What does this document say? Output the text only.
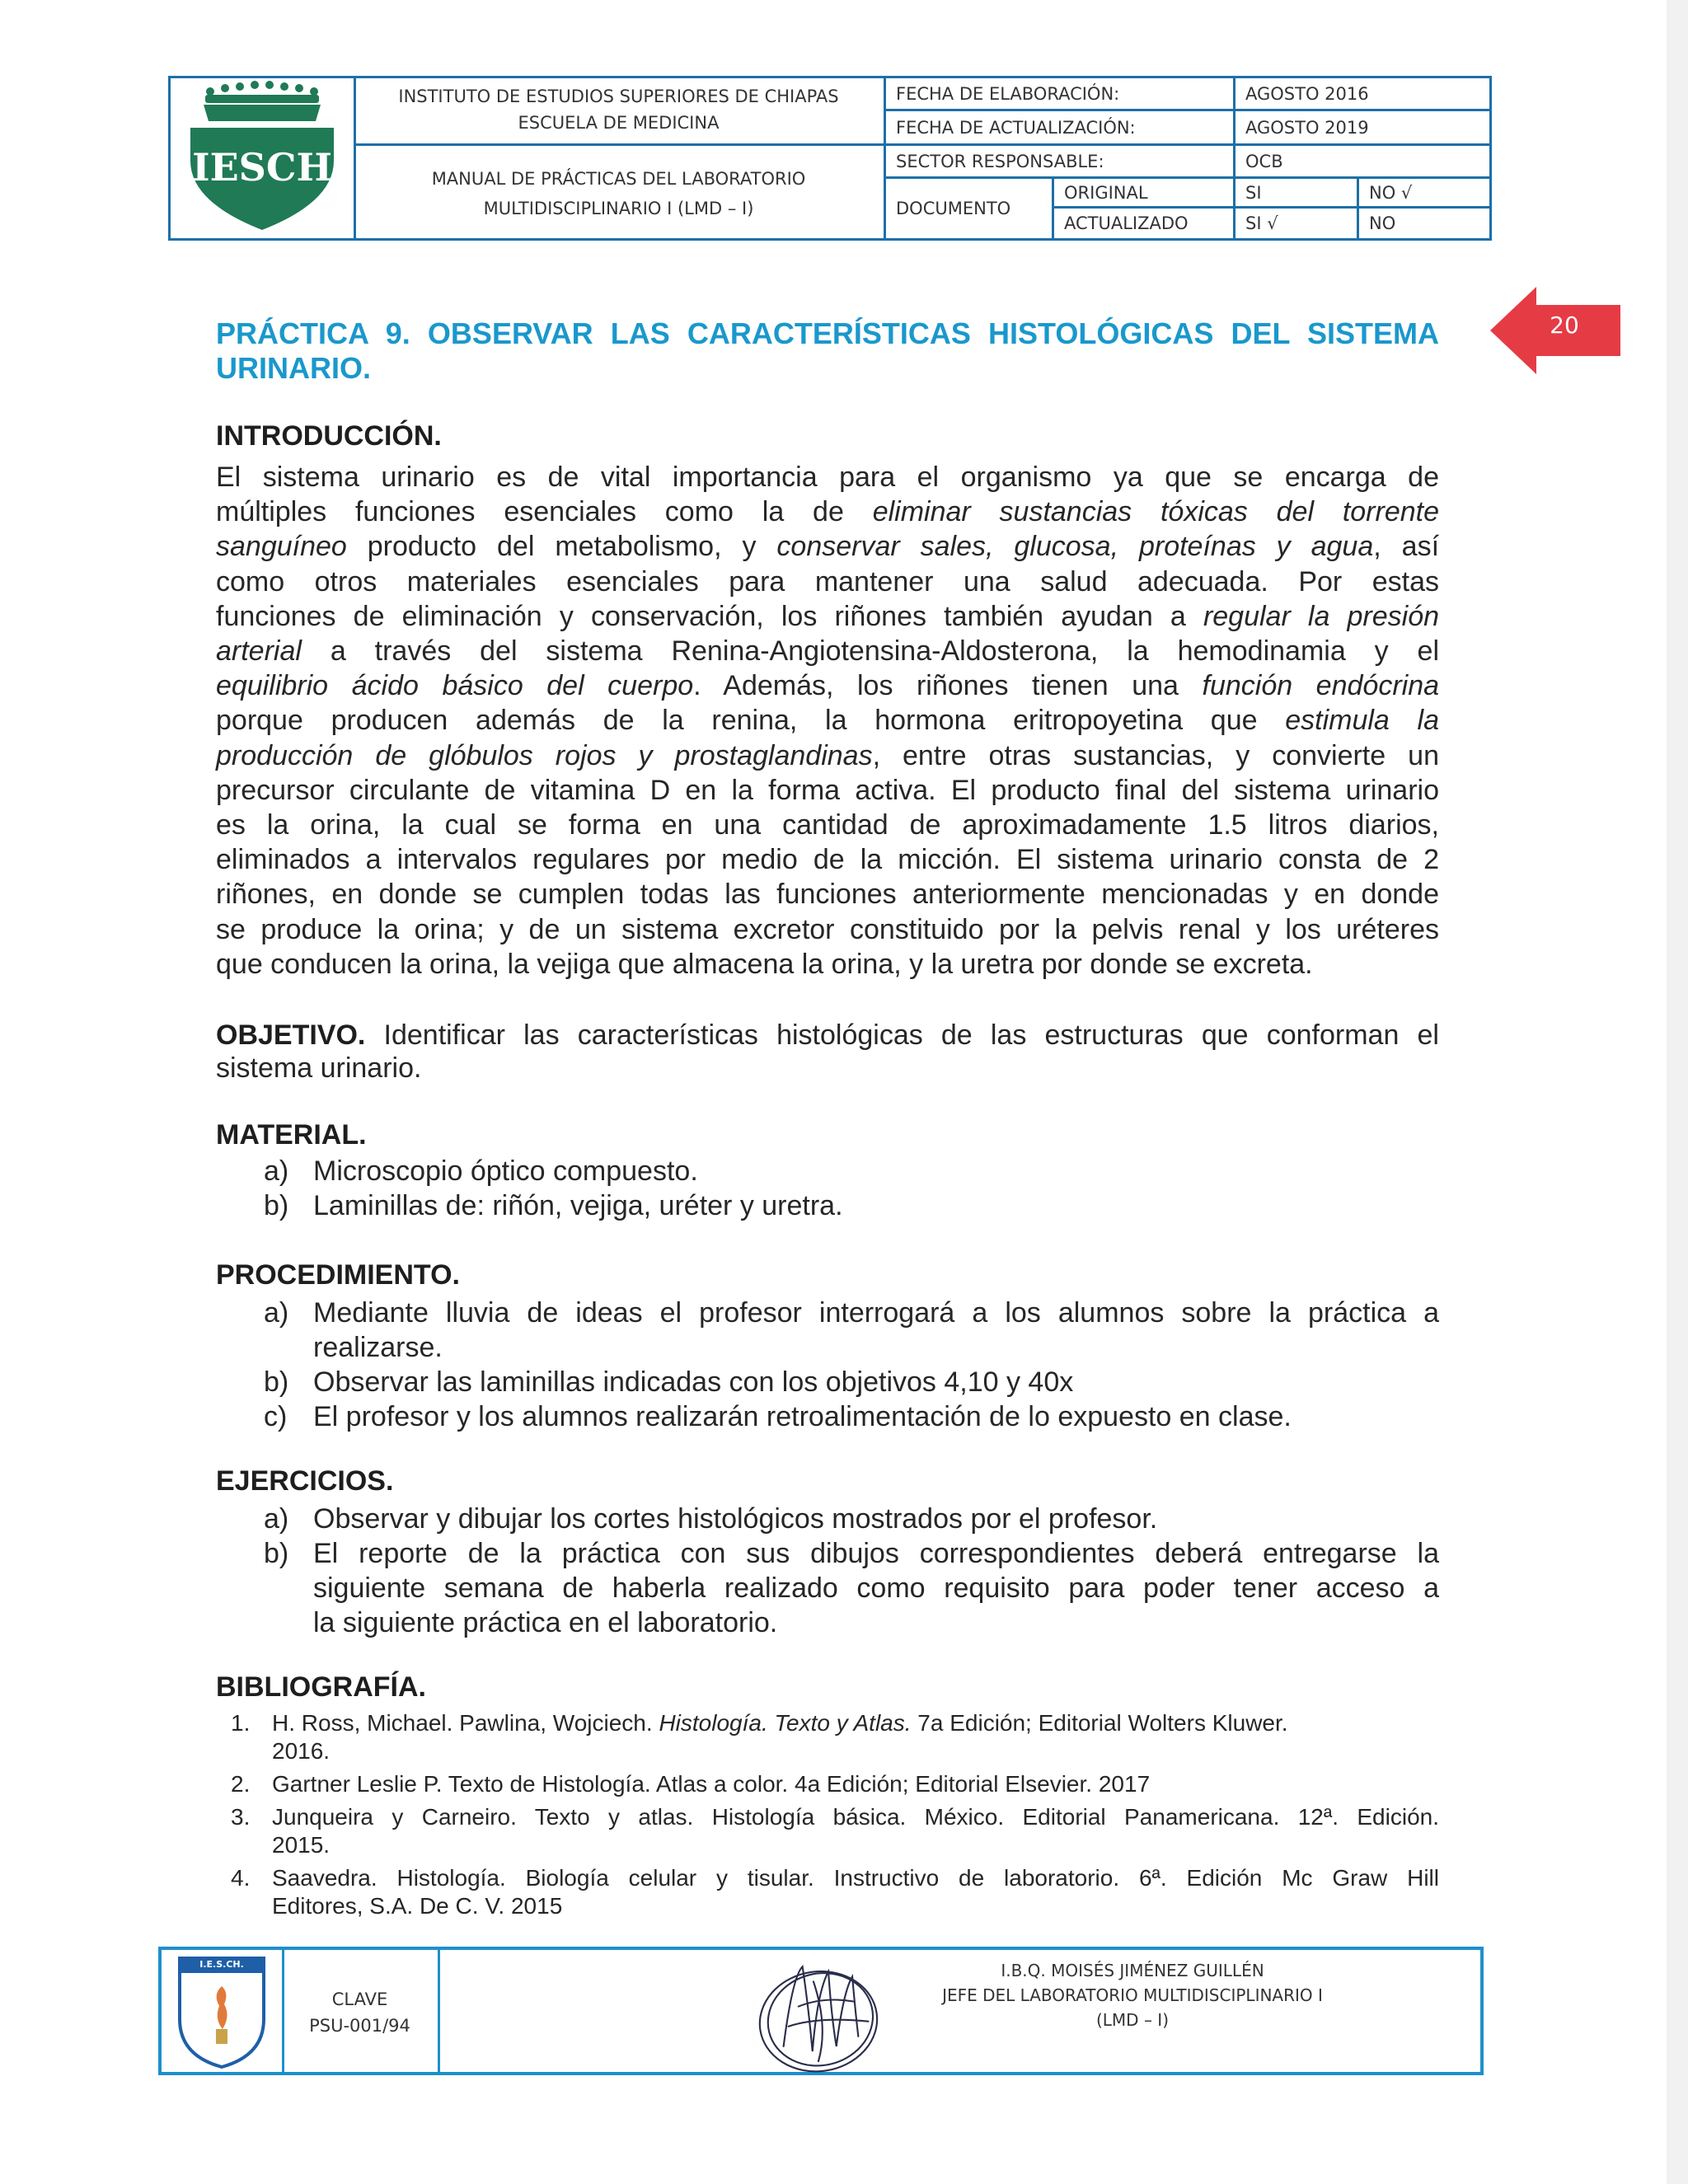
IESCH
INSTITUTO DE ESTUDIOS SUPERIORES DE CHIAPAS
ESCUELA DE MEDICINA
MANUAL DE PRÁCTICAS DEL LABORATORIO
MULTIDISCIPLINARIO I (LMD – I)
FECHA DE ELABORACIÓN:	AGOSTO 2016
FECHA DE ACTUALIZACIÓN:	AGOSTO 2019
SECTOR RESPONSABLE:	OCB
DOCUMENTO
ORIGINAL	SI	NO √
ACTUALIZADO	SI √	NO
20
PRÁCTICA 9. OBSERVAR LAS CARACTERÍSTICAS HISTOLÓGICAS DEL SISTEMA
URINARIO.
INTRODUCCIÓN.
El sistema urinario es de vital importancia para el organismo ya que se encarga de
múltiples funciones esenciales como la de eliminar sustancias tóxicas del torrente
sanguíneo producto del metabolismo, y conservar sales, glucosa, proteínas y agua, así
como otros materiales esenciales para mantener una salud adecuada. Por estas
funciones de eliminación y conservación, los riñones también ayudan a regular la presión
arterial a través del sistema Renina-Angiotensina-Aldosterona, la hemodinamia y el
equilibrio ácido básico del cuerpo. Además, los riñones tienen una función endócrina
porque producen además de la renina, la hormona eritropoyetina que estimula la
producción de glóbulos rojos y prostaglandinas, entre otras sustancias, y convierte un
precursor circulante de vitamina D en la forma activa. El producto final del sistema urinario
es la orina, la cual se forma en una cantidad de aproximadamente 1.5 litros diarios,
eliminados a intervalos regulares por medio de la micción. El sistema urinario consta de 2
riñones, en donde se cumplen todas las funciones anteriormente mencionadas y en donde
se produce la orina; y de un sistema excretor constituido por la pelvis renal y los uréteres
que conducen la orina, la vejiga que almacena la orina, y la uretra por donde se excreta.
OBJETIVO. Identificar las características histológicas de las estructuras que conforman el
sistema urinario.
MATERIAL.
a) Microscopio óptico compuesto.
b) Laminillas de: riñón, vejiga, uréter y uretra.
PROCEDIMIENTO.
a) Mediante lluvia de ideas el profesor interrogará a los alumnos sobre la práctica a
realizarse.
b) Observar las laminillas indicadas con los objetivos 4,10 y 40x
c) El profesor y los alumnos realizarán retroalimentación de lo expuesto en clase.
EJERCICIOS.
a) Observar y dibujar los cortes histológicos mostrados por el profesor.
b) El reporte de la práctica con sus dibujos correspondientes deberá entregarse la
siguiente semana de haberla realizado como requisito para poder tener acceso a
la siguiente práctica en el laboratorio.
BIBLIOGRAFÍA.
1. H. Ross, Michael. Pawlina, Wojciech. Histología. Texto y Atlas. 7a Edición; Editorial Wolters Kluwer.
2016.
2. Gartner Leslie P. Texto de Histología. Atlas a color. 4a Edición; Editorial Elsevier. 2017
3. Junqueira y Carneiro. Texto y atlas. Histología básica. México. Editorial Panamericana. 12ª. Edición.
2015.
4. Saavedra. Histología. Biología celular y tisular. Instructivo de laboratorio. 6ª. Edición Mc Graw Hill
Editores, S.A. De C. V. 2015
I.E.S.CH.
CLAVE
PSU-001/94
I.B.Q. MOISÉS JIMÉNEZ GUILLÉN
JEFE DEL LABORATORIO MULTIDISCIPLINARIO I
(LMD – I)
